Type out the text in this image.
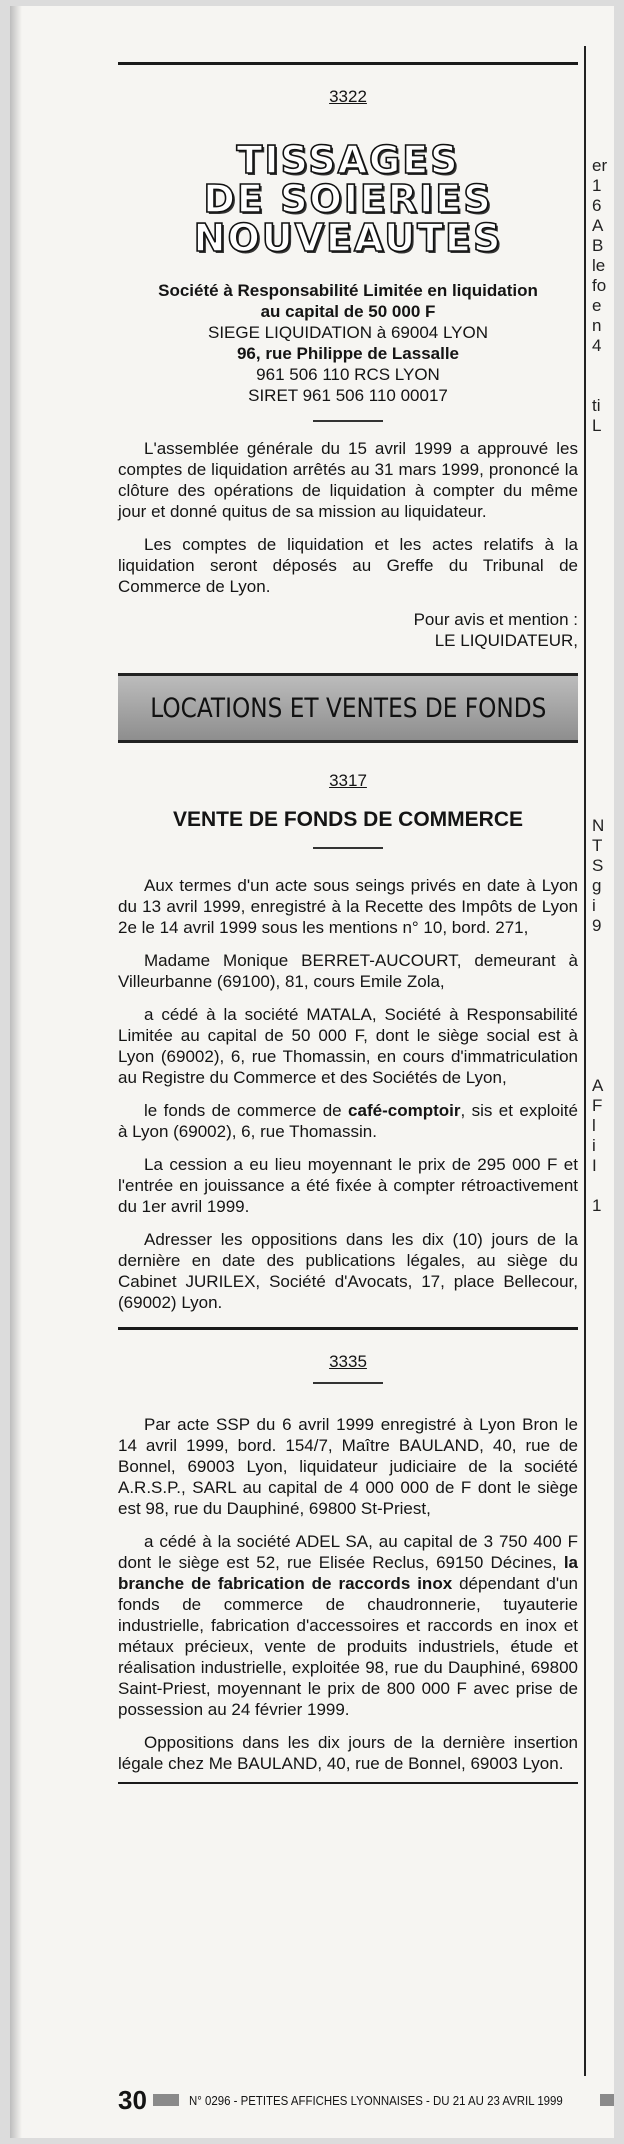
3322
TISSAGES
DE SOIERIES
NOUVEAUTES
Société à Responsabilité Limitée en liquidation
au capital de 50 000 F
SIEGE LIQUIDATION à 69004 LYON
96, rue Philippe de Lassalle
961 506 110 RCS LYON
SIRET 961 506 110 00017

L'assemblée générale du 15 avril 1999 a approuvé les comptes de liquidation arrêtés au 31 mars 1999, prononcé la clôture des opérations de liquidation à compter du même jour et donné quitus de sa mission au liquidateur.

Les comptes de liquidation et les actes relatifs à la liquidation seront déposés au Greffe du Tribunal de Commerce de Lyon.

Pour avis et mention :
LE LIQUIDATEUR,
LOCATIONS ET VENTES DE FONDS
3317
VENTE DE FONDS DE COMMERCE

Aux termes d'un acte sous seings privés en date à Lyon du 13 avril 1999, enregistré à la Recette des Impôts de Lyon 2e le 14 avril 1999 sous les mentions n° 10, bord. 271,

Madame Monique BERRET-AUCOURT, demeurant à Villeurbanne (69100), 81, cours Emile Zola,

a cédé à la société MATALA, Société à Responsabilité Limitée au capital de 50 000 F, dont le siège social est à Lyon (69002), 6, rue Thomassin, en cours d'immatriculation au Registre du Commerce et des Sociétés de Lyon,

le fonds de commerce de café-comptoir, sis et exploité à Lyon (69002), 6, rue Thomassin.

La cession a eu lieu moyennant le prix de 295 000 F et l'entrée en jouissance a été fixée à compter rétroactivement du 1er avril 1999.

Adresser les oppositions dans les dix (10) jours de la dernière en date des publications légales, au siège du Cabinet JURILEX, Société d'Avocats, 17, place Bellecour, (69002) Lyon.

3335

Par acte SSP du 6 avril 1999 enregistré à Lyon Bron le 14 avril 1999, bord. 154/7, Maître BAULAND, 40, rue de Bonnel, 69003 Lyon, liquidateur judiciaire de la société A.R.S.P., SARL au capital de 4 000 000 de F dont le siège est 98, rue du Dauphiné, 69800 St-Priest,

a cédé à la société ADEL SA, au capital de 3 750 400 F dont le siège est 52, rue Elisée Reclus, 69150 Décines, la branche de fabrication de raccords inox dépendant d'un fonds de commerce de chaudronnerie, tuyauterie industrielle, fabrication d'accessoires et raccords en inox et métaux précieux, vente de produits industriels, étude et réalisation industrielle, exploitée 98, rue du Dauphiné, 69800 Saint-Priest, moyennant le prix de 800 000 F avec prise de possession au 24 février 1999.

Oppositions dans les dix jours de la dernière insertion légale chez Me BAULAND, 40, rue de Bonnel, 69003 Lyon.

er
1
6
A
B
le
fo
e
n
4
ti
L
N
T
S
g
i
9
A
F
l
i
I
1
30	N° 0296 - PETITES AFFICHES LYONNAISES - DU 21 AU 23 AVRIL 1999
